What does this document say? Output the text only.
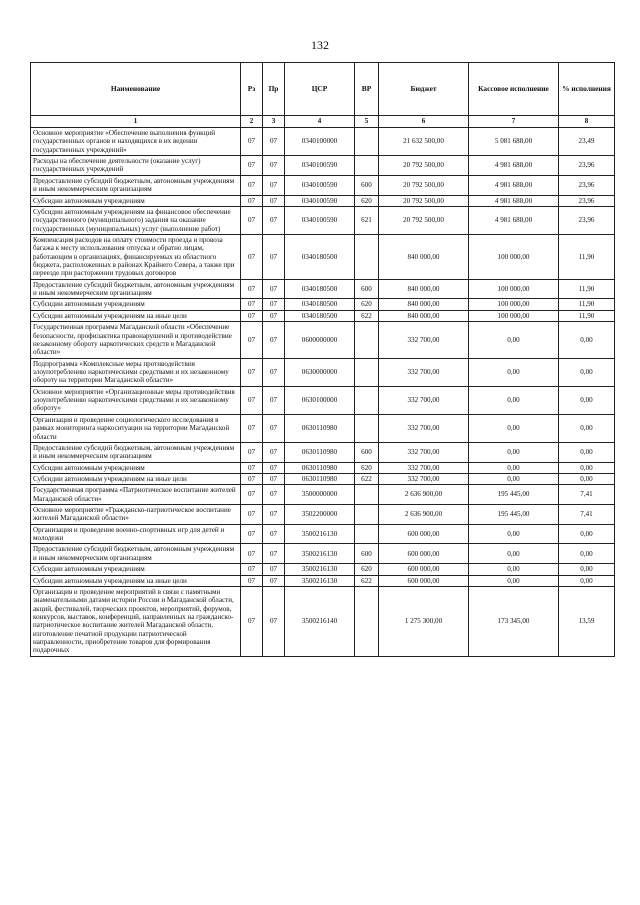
132
Наименование	Рз	Пр	ЦСР	ВР	Бюджет	Кассовое исполнение	% исполнения
1	2	3	4	5	6	7	8
Основное мероприятие «Обеспечение выполнения функций государственных органов и находящихся в их ведении государственных учреждений»	07	07	0340100000		21 632 500,00	5 081 688,00	23,49
Расходы на обеспечение деятельности (оказание услуг) государственных учреждений	07	07	0340100590		20 792 500,00	4 981 688,00	23,96
Предоставление субсидий бюджетным, автономным учреждениям и иным некоммерческим организациям	07	07	0340100590	600	20 792 500,00	4 981 688,00	23,96
Субсидии автономным учреждениям	07	07	0340100590	620	20 792 500,00	4 981 688,00	23,96
Субсидии автономным учреждениям на финансовое обеспечение государственного (муниципального) задания на оказание государственных (муниципальных) услуг (выполнение работ)	07	07	0340100590	621	20 792 500,00	4 981 688,00	23,96
Компенсация расходов на оплату стоимости проезда и провоза багажа к месту использования отпуска и обратно лицам, работающим в организациях, финансируемых из областного бюджета, расположенных в районах Крайнего Севера, а также при переезде при расторжении трудовых договоров	07	07	0340180500		840 000,00	100 000,00	11,90
Предоставление субсидий бюджетным, автономным учреждениям и иным некоммерческим организациям	07	07	0340180500	600	840 000,00	100 000,00	11,90
Субсидии автономным учреждениям	07	07	0340180500	620	840 000,00	100 000,00	11,90
Субсидии автономным учреждениям на иные цели	07	07	0340180500	622	840 000,00	100 000,00	11,90
Государственная программа Магаданской области «Обеспечение безопасности, профилактика правонарушений и противодействие незаконному обороту наркотических средств в Магаданской области»	07	07	0600000000		332 700,00	0,00	0,00
Подпрограмма «Комплексные меры противодействия злоупотреблению наркотическими средствами и их незаконному обороту на территории Магаданской области»	07	07	0630000000		332 700,00	0,00	0,00
Основное мероприятие «Организационные меры противодействия злоупотреблению наркотическими средствами и их незаконному обороту»	07	07	0630100000		332 700,00	0,00	0,00
Организация и проведение социологического исследования в рамках мониторинга наркоситуации на территории Магаданской области	07	07	0630110980		332 700,00	0,00	0,00
Предоставление субсидий бюджетным, автономным учреждениям и иным некоммерческим организациям	07	07	0630110980	600	332 700,00	0,00	0,00
Субсидии автономным учреждениям	07	07	0630110980	620	332 700,00	0,00	0,00
Субсидии автономным учреждениям на иные цели	07	07	0630110980	622	332 700,00	0,00	0,00
Государственная программа «Патриотическое воспитание жителей Магаданской области»	07	07	3500000000		2 636 900,00	195 445,00	7,41
Основное мероприятие «Гражданско-патриотическое воспитание жителей Магаданской области»	07	07	3502200000		2 636 900,00	195 445,00	7,41
Организация и проведение военно-спортивных игр для детей и молодежи	07	07	3500216130		600 000,00	0,00	0,00
Предоставление субсидий бюджетным, автономным учреждениям и иным некоммерческим организациям	07	07	3500216130	600	600 000,00	0,00	0,00
Субсидии автономным учреждениям	07	07	3500216130	620	600 000,00	0,00	0,00
Субсидии автономным учреждениям на иные цели	07	07	3500216130	622	600 000,00	0,00	0,00
Организация и проведение мероприятий в связи с памятными знаменательными датами истории России и Магаданской области, акций, фестивалей, творческих проектов, мероприятий, форумов, конкурсов, выставок, конференций, направленных на гражданско-патриотическое воспитание жителей Магаданской области, изготовление печатной продукции патриотической направленности, приобретение товаров для формирования подарочных	07	07	3500216140		1 275 300,00	173 345,00	13,59
